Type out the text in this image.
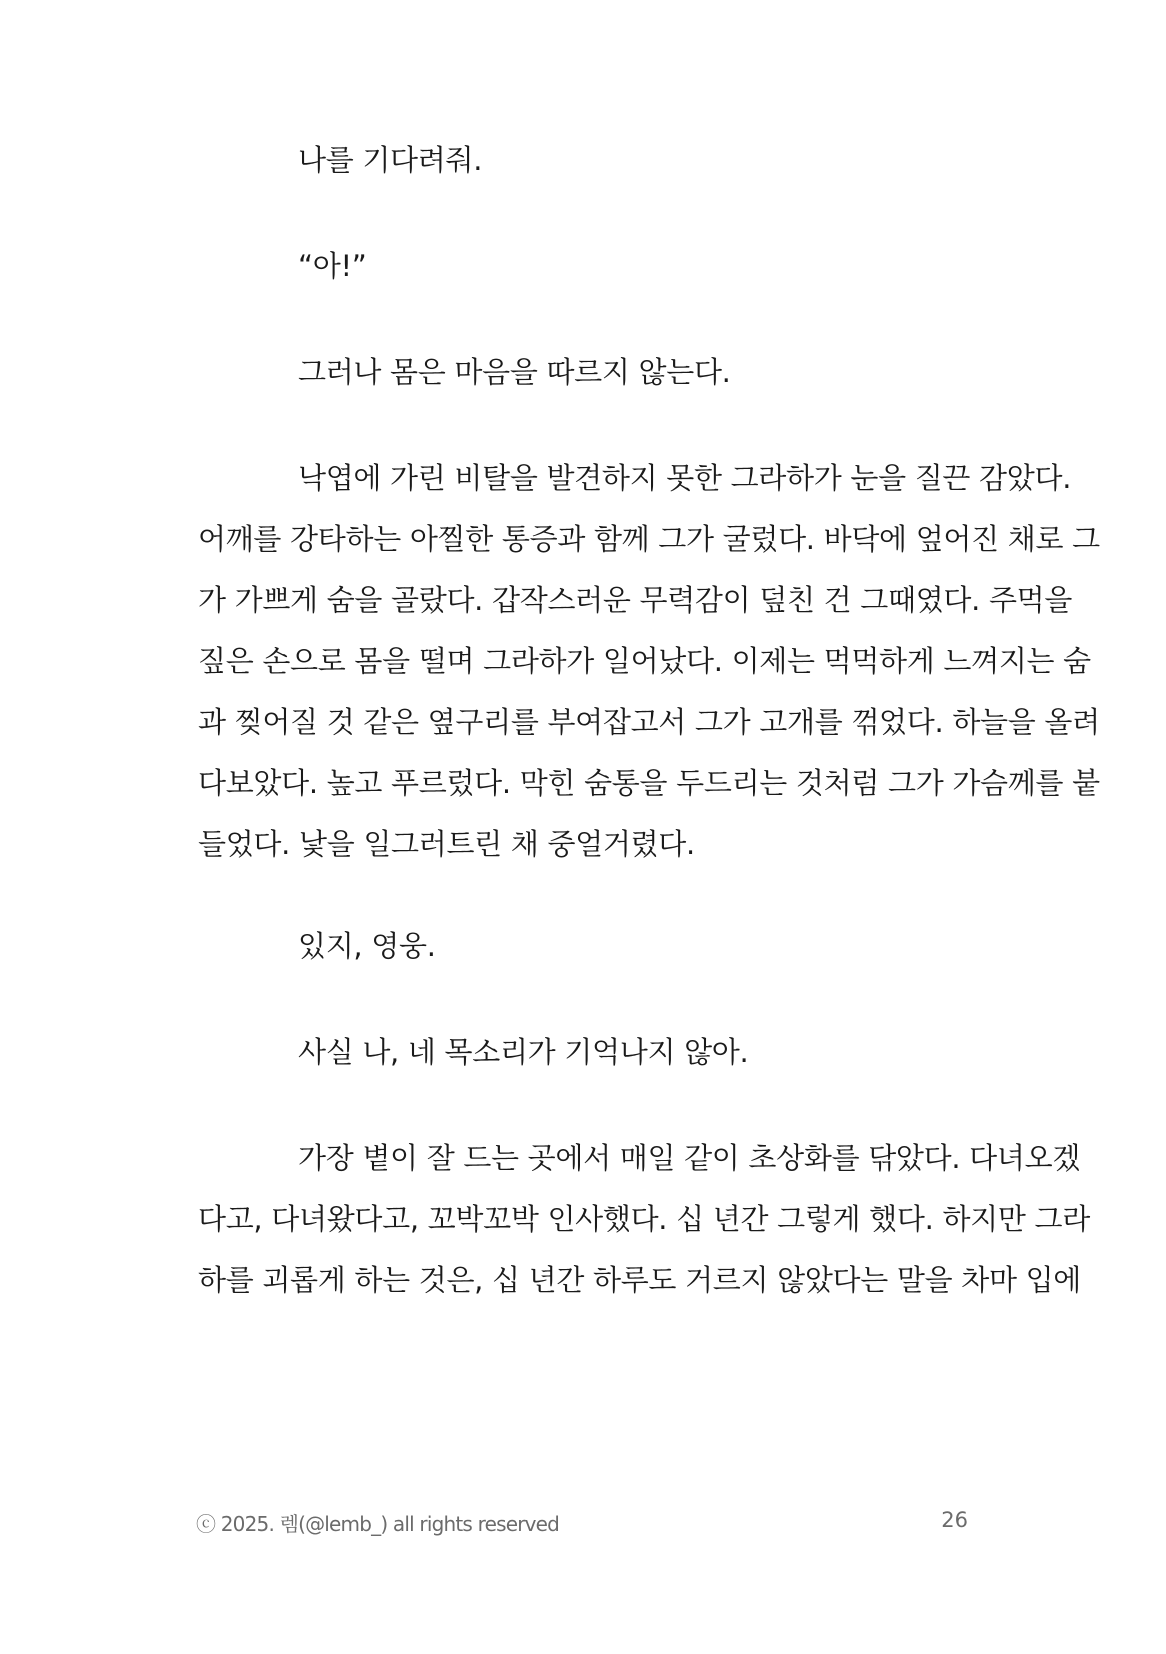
나를 기다려줘.
“아!”
그러나 몸은 마음을 따르지 않는다.
낙엽에 가린 비탈을 발견하지 못한 그라하가 눈을 질끈 감았다.
어깨를 강타하는 아찔한 통증과 함께 그가 굴렀다. 바닥에 엎어진 채로 그
가 가쁘게 숨을 골랐다. 갑작스러운 무력감이 덮친 건 그때였다. 주먹을
짚은 손으로 몸을 떨며 그라하가 일어났다. 이제는 먹먹하게 느껴지는 숨
과 찢어질 것 같은 옆구리를 부여잡고서 그가 고개를 꺾었다. 하늘을 올려
다보았다. 높고 푸르렀다. 막힌 숨통을 두드리는 것처럼 그가 가슴께를 붙
들었다. 낯을 일그러트린 채 중얼거렸다.
있지, 영웅.
사실 나, 네 목소리가 기억나지 않아.
가장 볕이 잘 드는 곳에서 매일 같이 초상화를 닦았다. 다녀오겠
다고, 다녀왔다고, 꼬박꼬박 인사했다. 십 년간 그렇게 했다. 하지만 그라
하를 괴롭게 하는 것은, 십 년간 하루도 거르지 않았다는 말을 차마 입에
ⓒ 2025. 렘(@lemb_) all rights reserved	26
